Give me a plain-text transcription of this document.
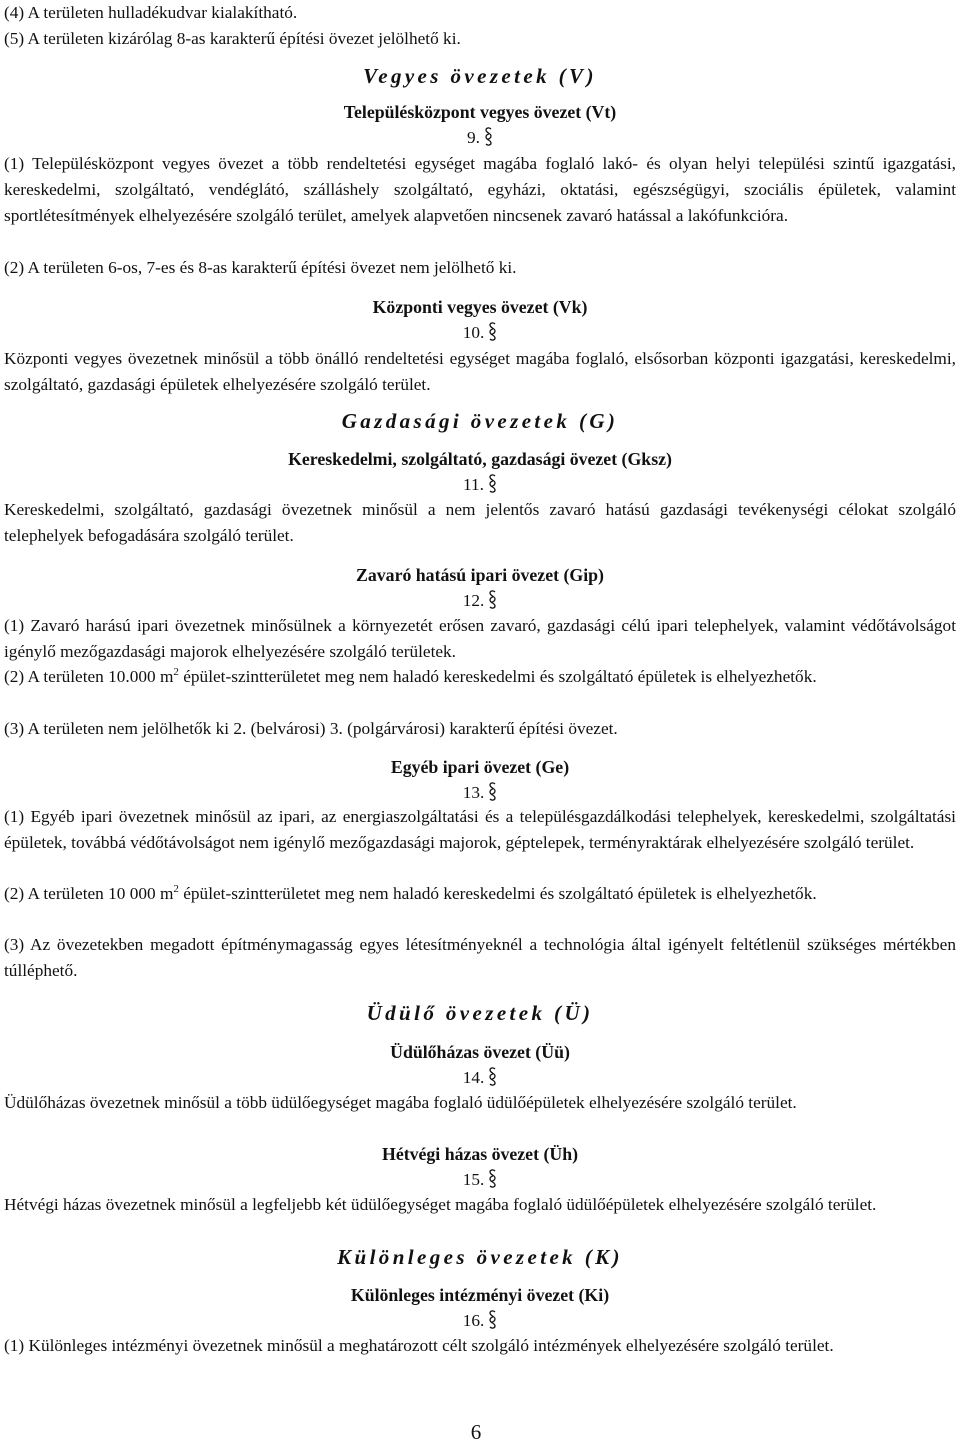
(4) A területen hulladékudvar kialakítható.

(5) A területen kizárólag 8-as karakterű építési övezet jelölhető ki.

Vegyes övezetek (V)
Településközpont vegyes övezet (Vt)
9.

(1) Településközpont vegyes övezet a több rendeltetési egységet magába foglaló lakó- és olyan helyi települési szintű igazgatási, kereskedelmi, szolgáltató, vendéglátó, szálláshely szolgáltató, egyházi, oktatási, egészségügyi, szociális épületek, valamint sportlétesítmények elhelyezésére szolgáló terület, amelyek alapvetően nincsenek zavaró hatással a lakófunkcióra.

(2) A területen 6-os, 7-es és 8-as karakterű építési övezet nem jelölhető ki.

Központi vegyes övezet (Vk)
10.

Központi vegyes övezetnek minősül a több önálló rendeltetési egységet magába foglaló, elsősorban központi igazgatási, kereskedelmi, szolgáltató, gazdasági épületek elhelyezésére szolgáló terület.

Gazdasági övezetek (G)
Kereskedelmi, szolgáltató, gazdasági övezet (Gksz)
11.

Kereskedelmi, szolgáltató, gazdasági övezetnek minősül a nem jelentős zavaró hatású gazdasági tevékenységi célokat szolgáló telephelyek befogadására szolgáló terület.

Zavaró hatású ipari övezet (Gip)
12.

(1) Zavaró harású ipari övezetnek minősülnek a környezetét erősen zavaró, gazdasági célú ipari telephelyek, valamint védőtávolságot igénylő mezőgazdasági majorok elhelyezésére szolgáló területek.

(2) A területen 10.000 $m^2$ épület-szintterületet meg nem haladó kereskedelmi és szolgáltató épületek is elhelyezhetők.

(3) A területen nem jelölhetők ki 2. (belvárosi) 3. (polgárvárosi) karakterű építési övezet.

Egyéb ipari övezet (Ge)
13.

(1) Egyéb ipari övezetnek minősül az ipari, az energiaszolgáltatási és a településgazdálkodási telephelyek, kereskedelmi, szolgáltatási épületek, továbbá védőtávolságot nem igénylő mezőgazdasági majorok, géptelepek, terményraktárak elhelyezésére szolgáló terület.

(2) A területen 10 000 $m^2$ épület-szintterületet meg nem haladó kereskedelmi és szolgáltató épületek is elhelyezhetők.

(3) Az övezetekben megadott építménymagasság egyes létesítményeknél a technológia által igényelt feltétlenül szükséges mértékben túlléphető.

Üdülő övezetek (Ü)
Üdülőházas övezet (Üü)
14.

Üdülőházas övezetnek minősül a több üdülőegységet magába foglaló üdülőépületek elhelyezésére szolgáló terület.

Hétvégi házas övezet (Üh)
15.

Hétvégi házas övezetnek minősül a legfeljebb két üdülőegységet magába foglaló üdülőépületek elhelyezésére szolgáló terület.

Különleges övezetek (K)
Különleges intézményi övezet (Ki)
16.

(1) Különleges intézményi övezetnek minősül a meghatározott célt szolgáló intézmények elhelyezésére szolgáló terület.

6
